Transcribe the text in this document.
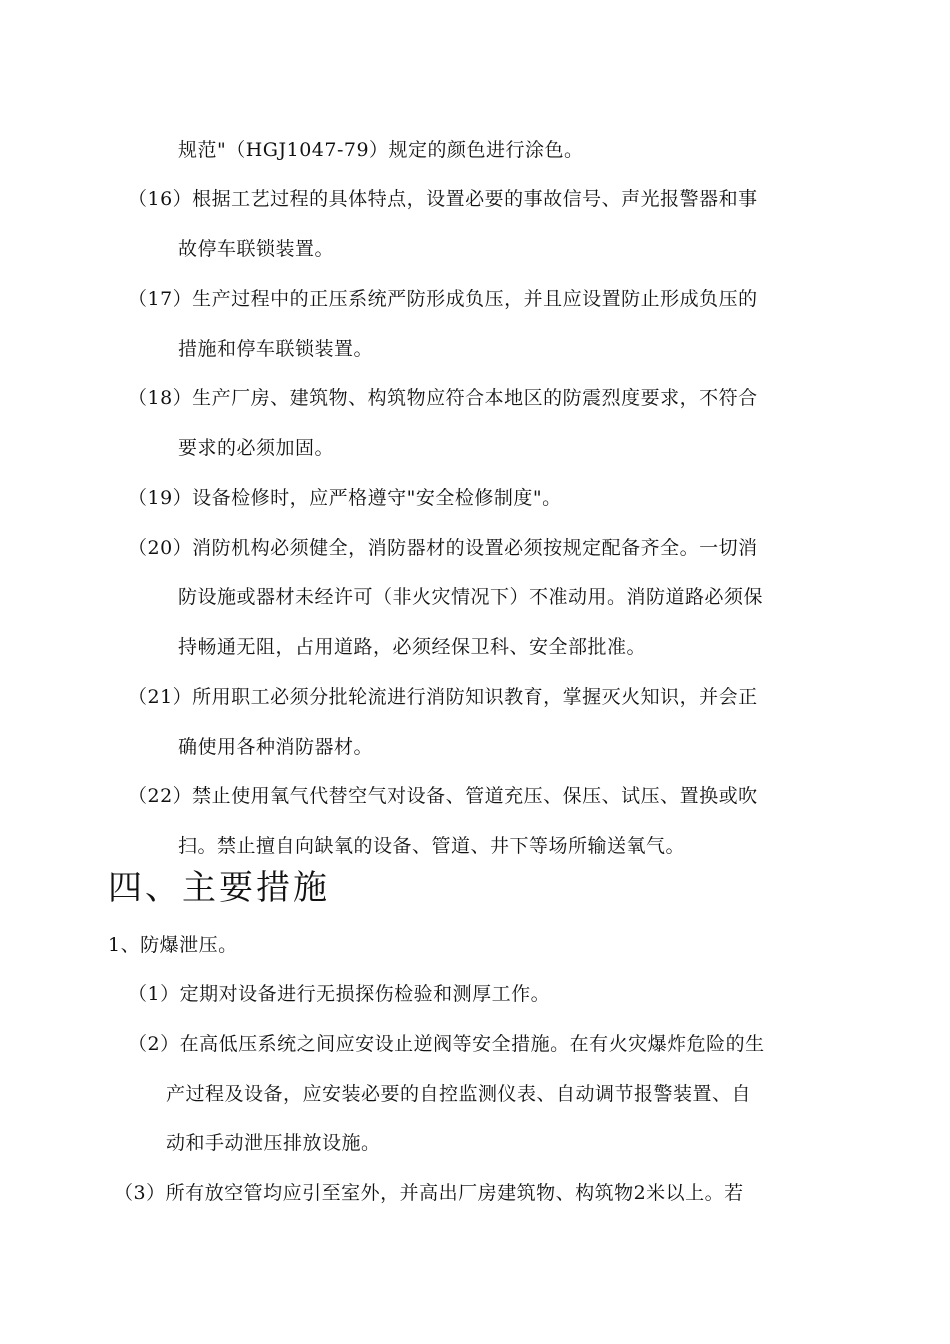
规范"（HGJ1047-79）规定的颜色进行涂色。
（16）根据工艺过程的具体特点，设置必要的事故信号、声光报警器和事
故停车联锁装置。
（17）生产过程中的正压系统严防形成负压，并且应设置防止形成负压的
措施和停车联锁装置。
（18）生产厂房、建筑物、构筑物应符合本地区的防震烈度要求，不符合
要求的必须加固。
（19）设备检修时，应严格遵守"安全检修制度"。
（20）消防机构必须健全，消防器材的设置必须按规定配备齐全。一切消
防设施或器材未经许可（非火灾情况下）不准动用。消防道路必须保
持畅通无阻，占用道路，必须经保卫科、安全部批准。
（21）所用职工必须分批轮流进行消防知识教育，掌握灭火知识，并会正
确使用各种消防器材。
（22）禁止使用氧气代替空气对设备、管道充压、保压、试压、置换或吹
扫。禁止擅自向缺氧的设备、管道、井下等场所输送氧气。
四、主要措施
1、防爆泄压。
（1）定期对设备进行无损探伤检验和测厚工作。
（2）在高低压系统之间应安设止逆阀等安全措施。在有火灾爆炸危险的生
产过程及设备，应安装必要的自控监测仪表、自动调节报警装置、自
动和手动泄压排放设施。
（3）所有放空管均应引至室外，并高出厂房建筑物、构筑物2米以上。若
